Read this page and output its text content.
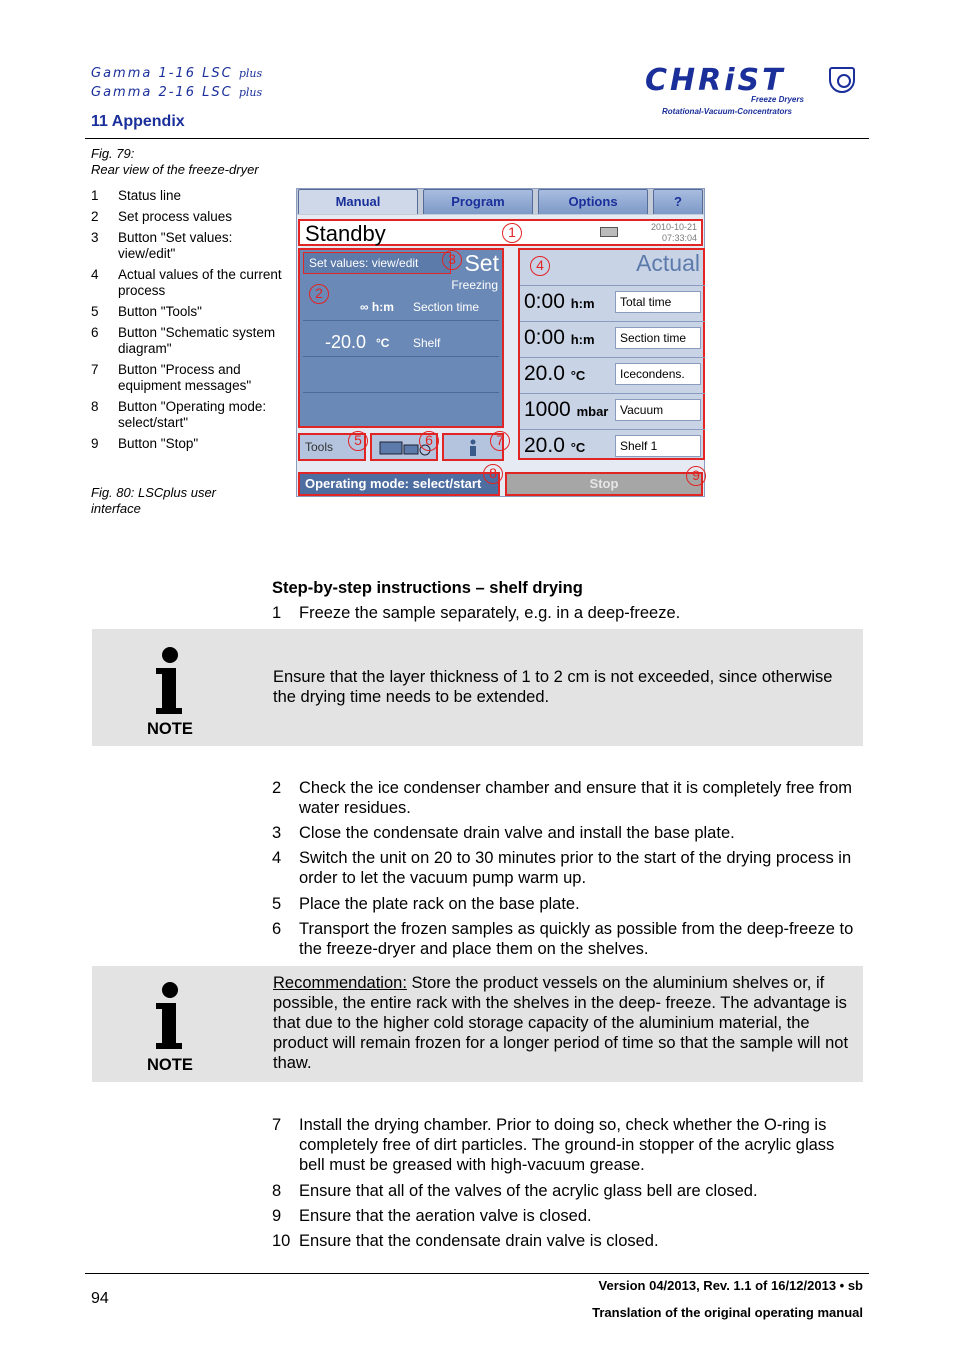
Gamma 1-16 LSC plus
Gamma 2-16 LSC plus
11 Appendix
CHRiST
Freeze Dryers
Rotational-Vacuum-Concentrators
Fig. 79:
Rear view of the freeze-dryer
1	Status line
2	Set process values
3	Button "Set values: view/edit"
4	Actual values of the current process
5	Button "Tools"
6	Button "Schematic system diagram"
7	Button "Process and equipment messages"
8	Button "Operating mode: select/start"
9	Button "Stop"
Fig. 80: LSCplus user
interface
Manual	Program	Options	?
Standby	2010-10-21
07:33:04
Set values: view/edit	Set
Freezing
∞ h:m Section time
-20.0 °C Shelf
Actual
0:00 h:m	Total time
0:00 h:m	Section time
20.0 °C	Icecondens.
1000 mbar Vacuum
20.0 °C	Shelf 1
Tools
Operating mode: select/start	Stop
1
2
3	4
5	6	7
8	9
Step-by-step instructions – shelf drying
1	Freeze the sample separately, e.g. in a deep-freeze.
NOTE
Ensure that the layer thickness of 1 to 2 cm is not exceeded, since otherwise the drying time needs to be extended.
2	Check the ice condenser chamber and ensure that it is completely free from water residues.
3	Close the condensate drain valve and install the base plate.
4	Switch the unit on 20 to 30 minutes prior to the start of the drying process in order to let the vacuum pump warm up.
5	Place the plate rack on the base plate.
6	Transport the frozen samples as quickly as possible from the deep-freeze to the freeze-dryer and place them on the shelves.
NOTE
Recommendation: Store the product vessels on the aluminium shelves or, if possible, the entire rack with the shelves in the deep- freeze. The advantage is that due to the higher cold storage capacity of the aluminium material, the product will remain frozen for a longer period of time so that the sample will not thaw.
7	Install the drying chamber. Prior to doing so, check whether the O-ring is completely free of dirt particles. The ground-in stopper of the acrylic glass bell must be greased with high-vacuum grease.
8	Ensure that all of the valves of the acrylic glass bell are closed.
9	Ensure that the aeration valve is closed.
10 Ensure that the condensate drain valve is closed.
94
Version 04/2013, Rev. 1.1 of 16/12/2013 • sb
Translation of the original operating manual
